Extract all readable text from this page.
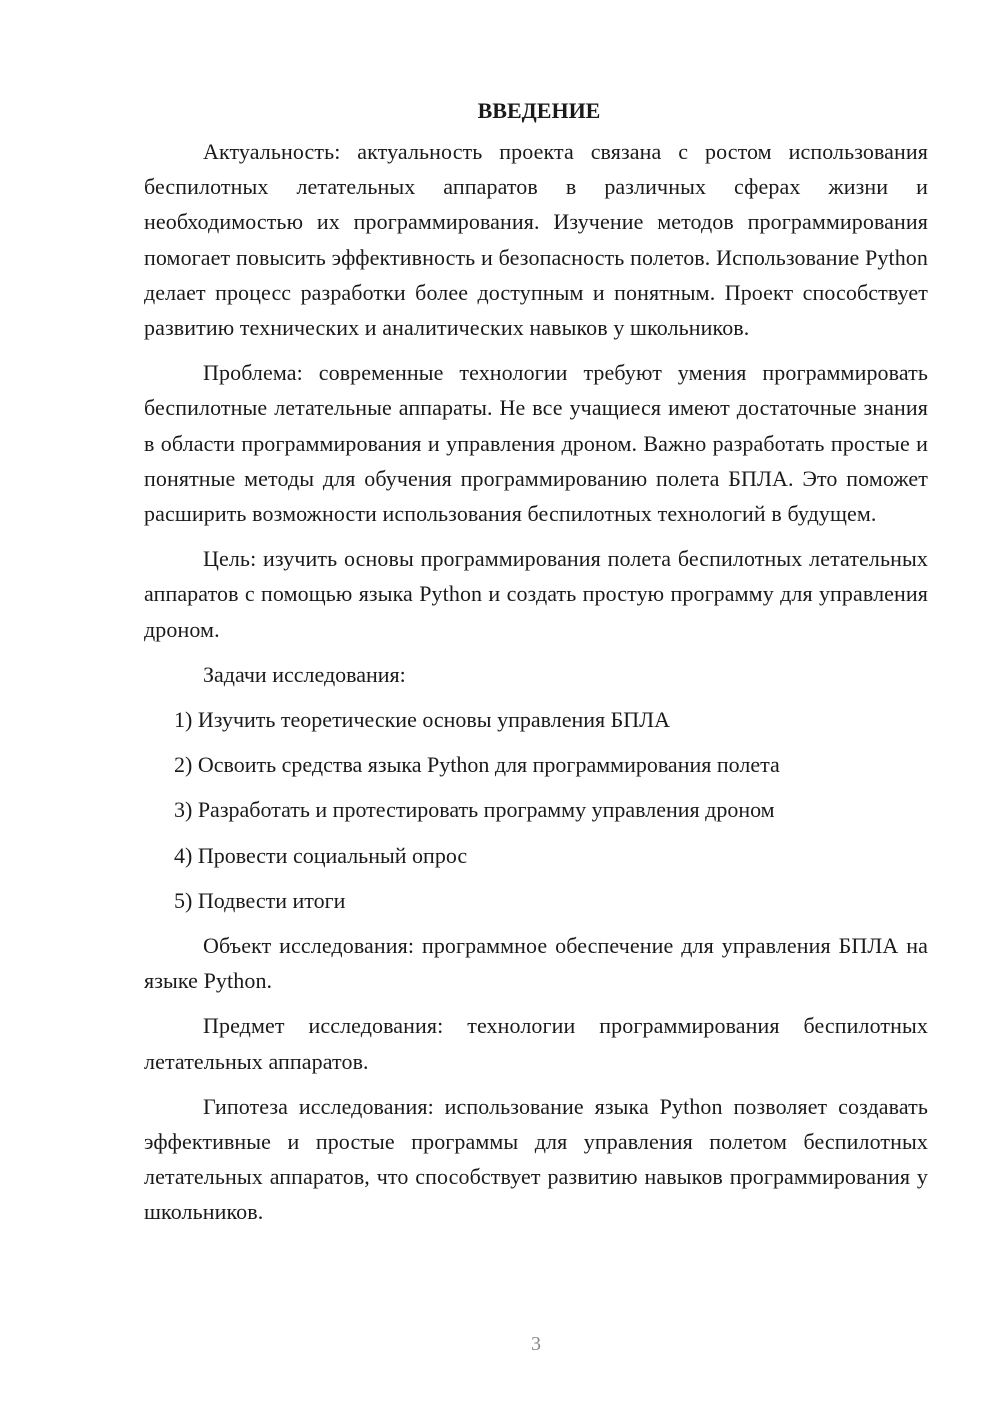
ВВЕДЕНИЕ

Актуальность: актуальность проекта связана с ростом использования беспилотных летательных аппаратов в различных сферах жизни и необходимостью их программирования. Изучение методов программирования помогает повысить эффективность и безопасность полетов. Использование Python делает процесс разработки более доступным и понятным. Проект способствует развитию технических и аналитических навыков у школьников.

Проблема: современные технологии требуют умения программировать беспилотные летательные аппараты. Не все учащиеся имеют достаточные знания в области программирования и управления дроном. Важно разработать простые и понятные методы для обучения программированию полета БПЛА. Это поможет расширить возможности использования беспилотных технологий в будущем.

Цель: изучить основы программирования полета беспилотных летательных аппаратов с помощью языка Python и создать простую программу для управления дроном.

Задачи исследования:

1) Изучить теоретические основы управления БПЛА
2) Освоить средства языка Python для программирования полета
3) Разработать и протестировать программу управления дроном
4) Провести социальный опрос
5) Подвести итоги

Объект исследования: программное обеспечение для управления БПЛА на языке Python.

Предмет исследования: технологии программирования беспилотных летательных аппаратов.

Гипотеза исследования: использование языка Python позволяет создавать эффективные и простые программы для управления полетом беспилотных летательных аппаратов, что способствует развитию навыков программирования у школьников.

3
